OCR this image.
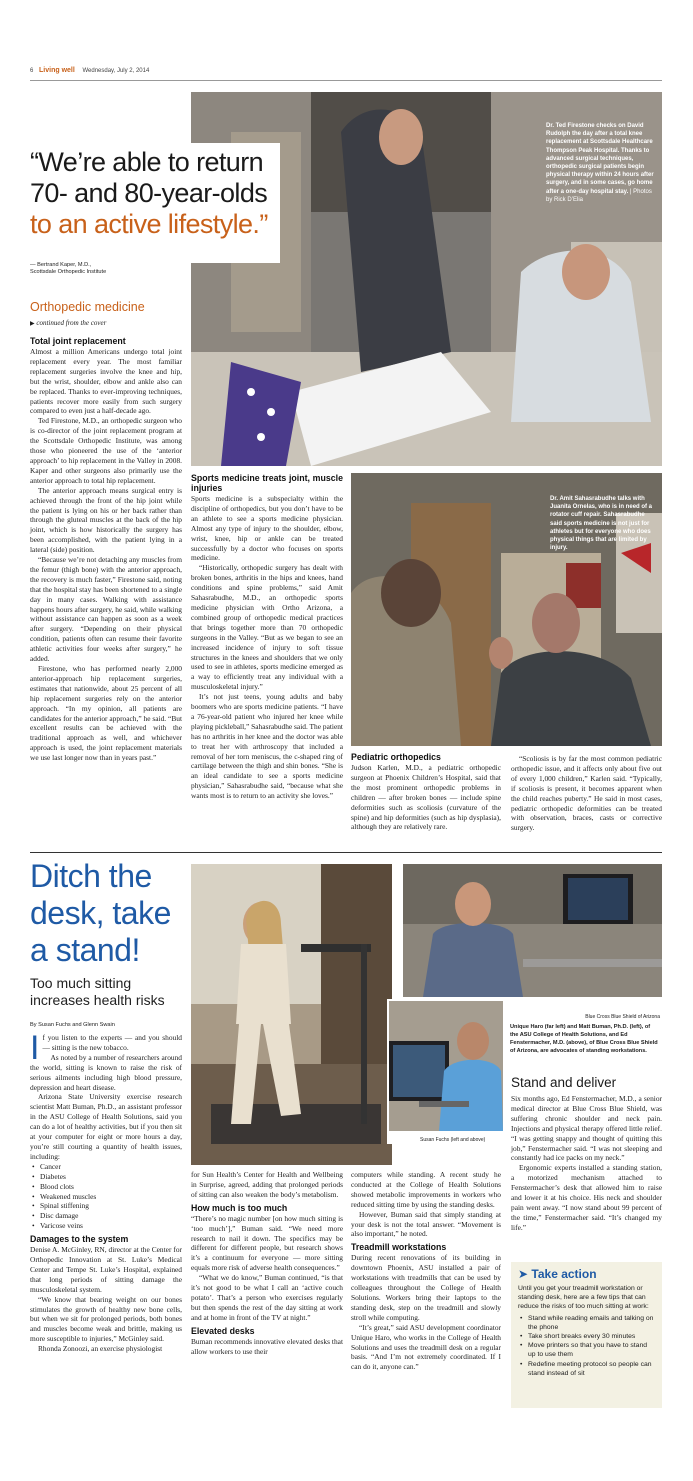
6 Living well Wednesday, July 2, 2014
Dr. Ted Firestone checks on David Rudolph the day after a total knee replacement at Scottsdale Healthcare Thompson Peak Hospital. Thanks to advanced surgical techniques, orthopedic surgical patients begin physical therapy within 24 hours after surgery, and in some cases, go home after a one-day hospital stay. | Photos by Rick D’Elia
“We’re able to return
70- and 80-year-olds
to an active lifestyle.”
— Bertrand Kaper, M.D.,
Scottsdale Orthopedic Institute
Orthopedic medicine
▶ continued from the cover
Total joint replacement

Almost a million Americans undergo total joint replacement every year. The most familiar replacement surgeries involve the knee and hip, but the wrist, shoulder, elbow and ankle also can be replaced. Thanks to ever-improving techniques, patients recover more easily from such surgery compared to even just a half-decade ago.

Ted Firestone, M.D., an orthopedic surgeon who is co-director of the joint replacement program at the Scottsdale Orthopedic Institute, was among those who pioneered the use of the ‘anterior approach’ to hip replacement in the Valley in 2008. Kaper and other surgeons also primarily use the anterior approach to total hip replacement.

The anterior approach means surgical entry is achieved through the front of the hip joint while the patient is lying on his or her back rather than through the gluteal muscles at the back of the hip joint, which is how historically the surgery has been accomplished, with the patient lying in a lateral (side) position.

“Because we’re not detaching any muscles from the femur (thigh bone) with the anterior approach, the recovery is much faster,” Firestone said, noting that the hospital stay has been shortened to a single day in many cases. Walking with assistance happens hours after surgery, he said, while walking without assistance can happen as soon as a week after surgery. “Depending on their physical condition, patients often can resume their favorite athletic activities four weeks after surgery,” he added.

Firestone, who has performed nearly 2,000 anterior-approach hip replacement surgeries, estimates that nationwide, about 25 percent of all hip replacement surgeries rely on the anterior approach. “In my opinion, all patients are candidates for the anterior approach,” he said. “But excellent results can be achieved with the traditional approach as well, and whichever approach is used, the joint replacement materials we use last longer now than in years past.”

Sports medicine treats joint, muscle injuries

Sports medicine is a subspecialty within the discipline of orthopedics, but you don’t have to be an athlete to see a sports medicine physician. Almost any type of injury to the shoulder, elbow, wrist, knee, hip or ankle can be treated successfully by a doctor who focuses on sports medicine.

“Historically, orthopedic surgery has dealt with broken bones, arthritis in the hips and knees, hand conditions and spine problems,” said Amit Sahasrabudhe, M.D., an orthopedic sports medicine physician with Ortho Arizona, a combined group of orthopedic medical practices that brings together more than 70 orthopedic surgeons in the Valley. “But as we began to see an increased incidence of injury to soft tissue structures in the knees and shoulders that we only used to see in athletes, sports medicine emerged as a way to efficiently treat any individual with a musculoskeletal injury.”

It’s not just teens, young adults and baby boomers who are sports medicine patients. “I have a 76-year-old patient who injured her knee while playing pickleball,” Sahasrabudhe said. The patient has no arthritis in her knee and the doctor was able to treat her with arthroscopy that included a removal of her torn meniscus, the c-shaped ring of cartilage between the thigh and shin bones. “She is an ideal candidate to see a sports medicine physician,” Sahasrabudhe said, “because what she wants most is to return to an activity she loves.”

Dr. Amit Sahasrabudhe talks with Juanita Ornelas, who is in need of a rotator cuff repair. Sahasrabudhe said sports medicine is not just for athletes but for everyone who does physical things that are limited by injury.
Pediatric orthopedics

Judson Karlen, M.D., a pediatric orthopedic surgeon at Phoenix Children’s Hospital, said that the most prominent orthopedic problems in children — after broken bones — include spine deformities such as scoliosis (curvature of the spine) and hip deformities (such as hip dysplasia), although they are relatively rare.

“Scoliosis is by far the most common pediatric orthopedic issue, and it affects only about five out of every 1,000 children,” Karlen said. “Typically, if scoliosis is present, it becomes apparent when the child reaches puberty.” He said in most cases, pediatric orthopedic deformities can be treated with observation, braces, casts or corrective surgery.

Ditch the
desk, take
a stand!
Too much sitting
increases health risks
By Susan Fuchs and Glenn Swain

I f you listen to the experts — and you should — sitting is the new tobacco.

As noted by a number of researchers around the world, sitting is known to raise the risk of serious ailments including high blood pressure, depression and heart disease.

Arizona State University exercise research scientist Matt Buman, Ph.D., an assistant professor in the ASU College of Health Solutions, said you can do a lot of healthy activities, but if you then sit at your computer for eight or more hours a day, you’re still courting a quantity of health issues, including:

• Cancer
• Diabetes
• Blood clots
• Weakened muscles
• Spinal stiffening
• Disc damage
• Varicose veins
Damages to the system

Denise A. McGinley, RN, director at the Center for Orthopedic Innovation at St. Luke’s Medical Center and Tempe St. Luke’s Hospital, explained that long periods of sitting damage the musculoskeletal system.

“We know that bearing weight on our bones stimulates the growth of healthy new bone cells, but when we sit for prolonged periods, both bones and muscles become weak and brittle, making us more susceptible to injuries,” McGinley said.

Rhonda Zonoozi, an exercise physiologist

Susan Fuchs (left and above)
Blue Cross Blue Shield of Arizona
Unique Haro (far left) and Matt Buman, Ph.D. (left), of the ASU College of Health Solutions, and Ed Fenstermacher, M.D. (above), of Blue Cross Blue Shield of Arizona, are advocates of standing workstations.

for Sun Health’s Center for Health and Wellbeing in Surprise, agreed, adding that prolonged periods of sitting can also weaken the body’s metabolism.

How much is too much

“There’s no magic number [on how much sitting is ‘too much’],” Buman said. “We need more research to nail it down. The specifics may be different for different people, but research shows it’s a continuum for everyone — more sitting equals more risk of adverse health consequences.”

“What we do know,” Buman continued, “is that it’s not good to be what I call an ‘active couch potato’. That’s a person who exercises regularly but then spends the rest of the day sitting at work and at home in front of the TV at night.”

Elevated desks

Buman recommends innovative elevated desks that allow workers to use their

computers while standing. A recent study he conducted at the College of Health Solutions showed metabolic improvements in workers who reduced sitting time by using the standing desks.

However, Buman said that simply standing at your desk is not the total answer. “Movement is also important,” he noted.

Treadmill workstations

During recent renovations of its building in downtown Phoenix, ASU installed a pair of workstations with treadmills that can be used by colleagues throughout the College of Health Solutions. Workers bring their laptops to the standing desk, step on the treadmill and slowly stroll while computing.

“It’s great,” said ASU development coordinator Unique Haro, who works in the College of Health Solutions and uses the treadmill desk on a regular basis. “And I’m not extremely coordinated. If I can do it, anyone can.”

Stand and deliver

Six months ago, Ed Fenstermacher, M.D., a senior medical director at Blue Cross Blue Shield, was suffering chronic shoulder and neck pain. Injections and physical therapy offered little relief. “I was getting snappy and thought of quitting this job,” Fenstermacher said. “I was not sleeping and constantly had ice packs on my neck.”

Ergonomic experts installed a standing station, a motorized mechanism attached to Fenstermacher’s desk that allowed him to raise and lower it at his choice. His neck and shoulder pain went away. “I now stand about 99 percent of the time,” Fenstermacher said. “It’s changed my life.”

➤ Take action
Until you get your treadmill workstation or standing desk, here are a few tips that can reduce the risks of too much sitting at work:
• Stand while reading emails and talking on the phone
• Take short breaks every 30 minutes
• Move printers so that you have to stand up to use them
• Redefine meeting protocol so people can stand instead of sit
